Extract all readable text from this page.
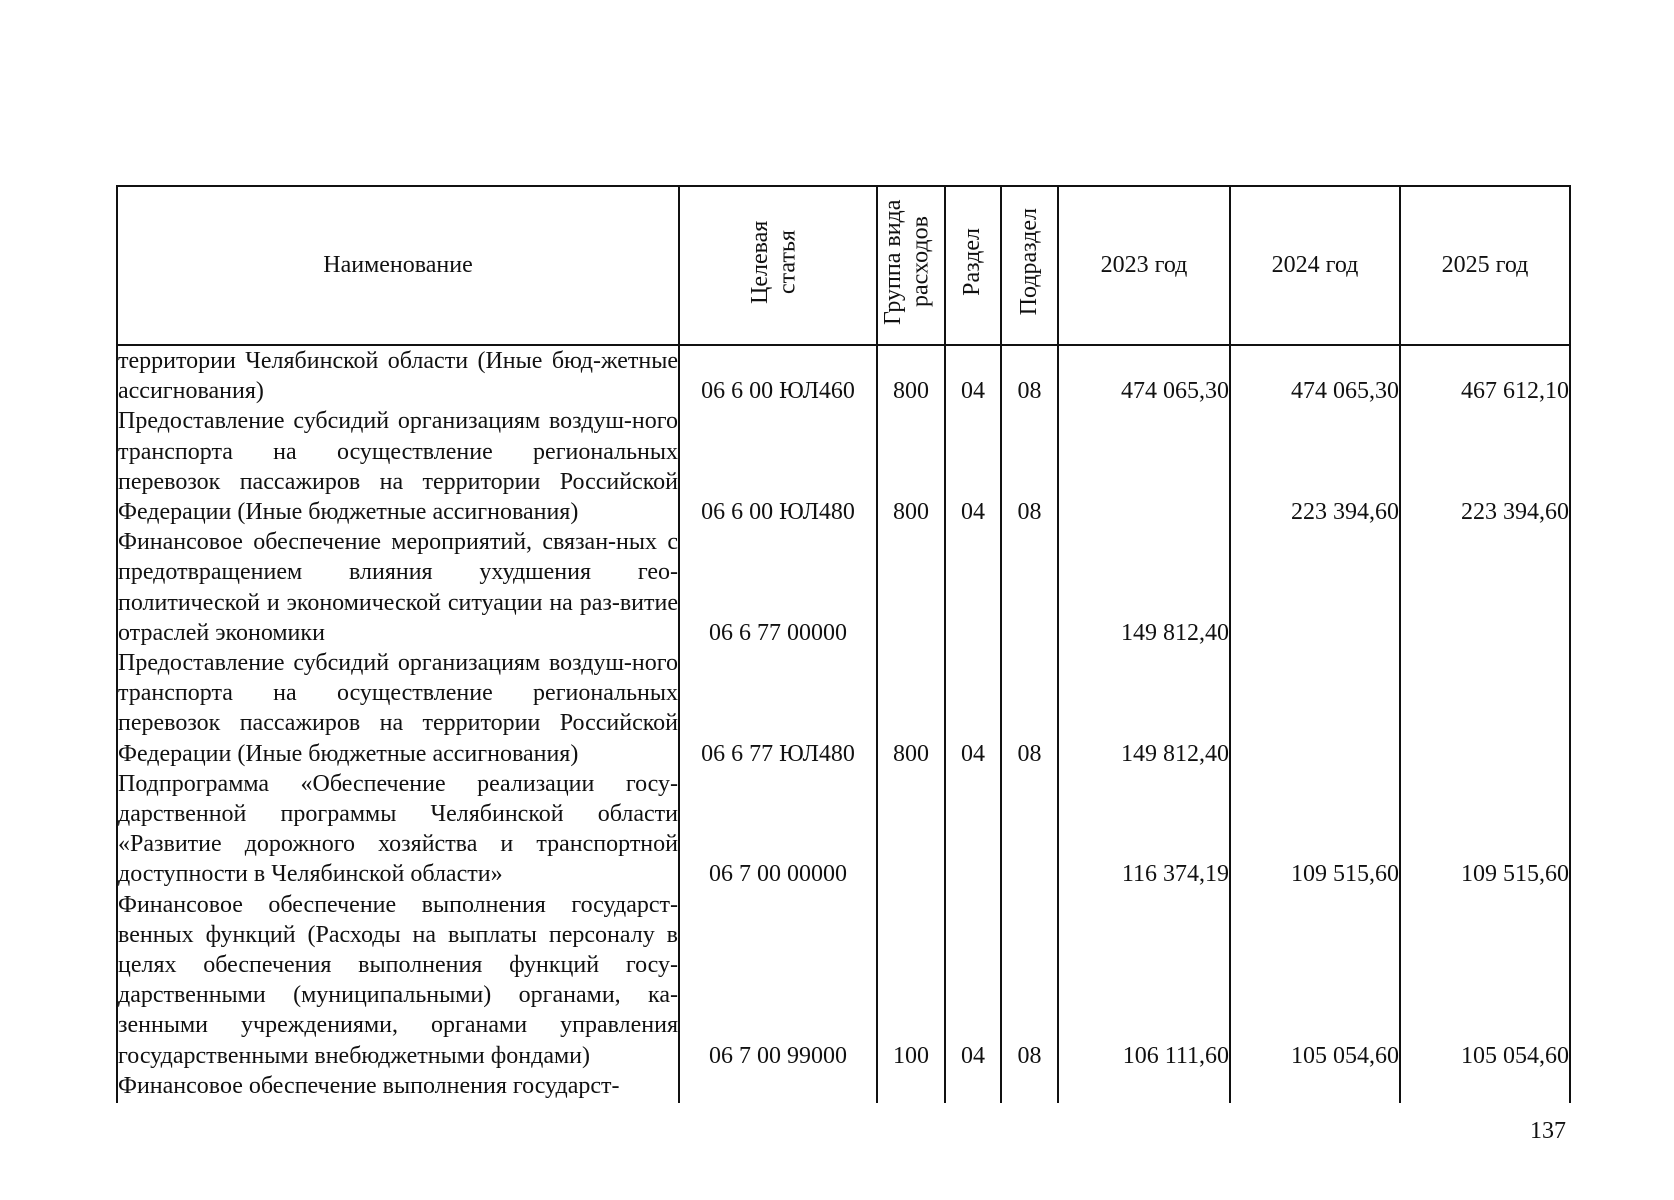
Наименование	Целевая статья	Группа вида расходов	Раздел	Подраздел	2023 год	2024 год	2025 год
территории Челябинской области (Иные бюд-жетные ассигнования)	06 6 00 ЮЛ460	800	04	08	474 065,30	474 065,30	467 612,10
Предоставление субсидий организациям воздуш-ного транспорта на осуществление региональных перевозок пассажиров на территории Российской Федерации (Иные бюджетные ассигнования)	06 6 00 ЮЛ480	800	04	08		223 394,60	223 394,60
Финансовое обеспечение мероприятий, связан-ных с предотвращением влияния ухудшения гео-политической и экономической ситуации на раз-витие отраслей экономики	06 6 77 00000				149 812,40		
Предоставление субсидий организациям воздуш-ного транспорта на осуществление региональных перевозок пассажиров на территории Российской Федерации (Иные бюджетные ассигнования)	06 6 77 ЮЛ480	800	04	08	149 812,40		
Подпрограмма «Обеспечение реализации госу-дарственной программы Челябинской области «Развитие дорожного хозяйства и транспортной доступности в Челябинской области»	06 7 00 00000				116 374,19	109 515,60	109 515,60
Финансовое обеспечение выполнения государст-венных функций (Расходы на выплаты персоналу в целях обеспечения выполнения функций госу-дарственными (муниципальными) органами, ка-зенными учреждениями, органами управления государственными внебюджетными фондами)	06 7 00 99000	100	04	08	106 111,60	105 054,60	105 054,60
Финансовое обеспечение выполнения государст-							
137
